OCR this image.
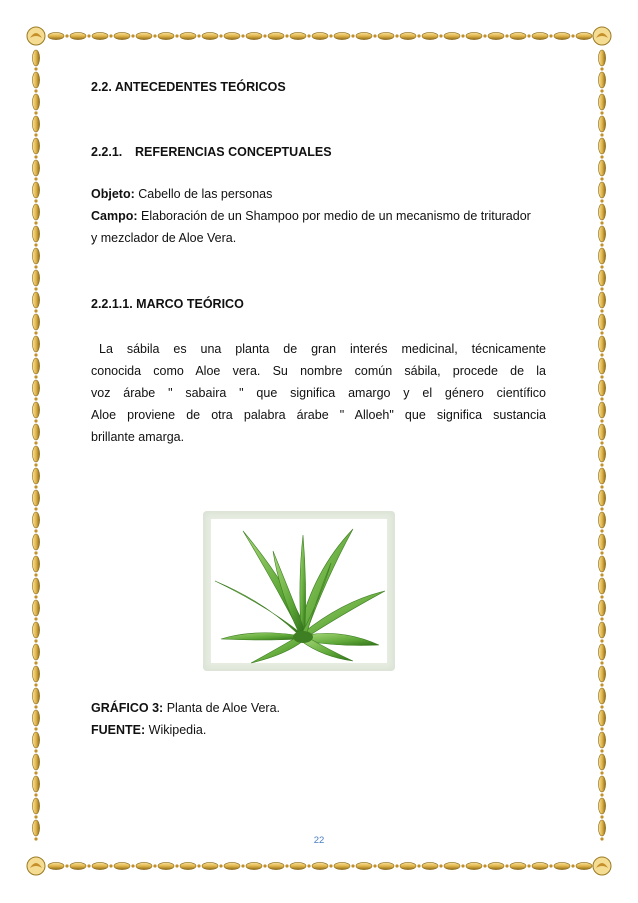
2.2. ANTECEDENTES TEÓRICOS
2.2.1. REFERENCIAS CONCEPTUALES
Objeto: Cabello de las personas
Campo: Elaboración de un Shampoo por medio de un mecanismo de triturador
y mezclador de Aloe Vera.
2.2.1.1. MARCO TEÓRICO
La sábila es una planta de gran interés medicinal, técnicamente
conocida como Aloe vera. Su nombre común sábila, procede de la
voz árabe " sabaira " que significa amargo y el género científico
Aloe proviene de otra palabra árabe " Alloeh" que significa sustancia
brillante amarga.
GRÁFICO 3: Planta de Aloe Vera.
FUENTE: Wikipedia.
22
